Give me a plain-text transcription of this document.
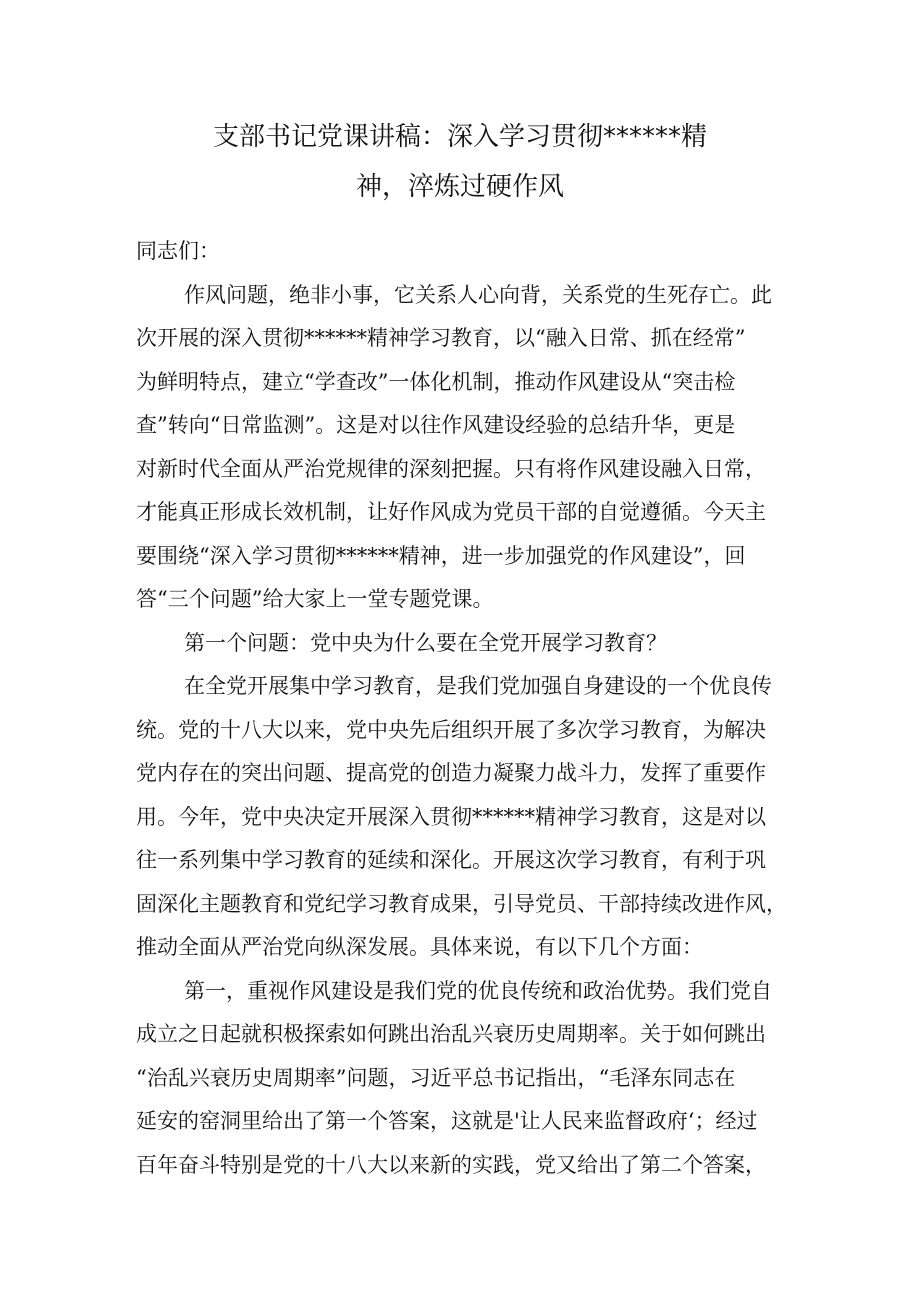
支部书记党课讲稿：深入学习贯彻******精
神，淬炼过硬作风
同志们：
作风问题，绝非小事，它关系人心向背，关系党的生死存亡。此
次开展的深入贯彻******精神学习教育，以“融入日常、抓在经常”
为鲜明特点，建立“学查改”一体化机制，推动作风建设从“突击检
查”转向“日常监测”。这是对以往作风建设经验的总结升华，更是
对新时代全面从严治党规律的深刻把握。只有将作风建设融入日常，
才能真正形成长效机制，让好作风成为党员干部的自觉遵循。今天主
要围绕“深入学习贯彻******精神，进一步加强党的作风建设”，回
答“三个问题”给大家上一堂专题党课。
第一个问题：党中央为什么要在全党开展学习教育？
在全党开展集中学习教育，是我们党加强自身建设的一个优良传
统。党的十八大以来，党中央先后组织开展了多次学习教育，为解决
党内存在的突出问题、提高党的创造力凝聚力战斗力，发挥了重要作
用。今年，党中央决定开展深入贯彻******精神学习教育，这是对以
往一系列集中学习教育的延续和深化。开展这次学习教育，有利于巩
固深化主题教育和党纪学习教育成果，引导党员、干部持续改进作风，
推动全面从严治党向纵深发展。具体来说，有以下几个方面：
第一，重视作风建设是我们党的优良传统和政治优势。我们党自
成立之日起就积极探索如何跳出治乱兴衰历史周期率。关于如何跳出
“治乱兴衰历史周期率”问题，习近平总书记指出，“毛泽东同志在
延安的窑洞里给出了第一个答案，这就是'让人民来监督政府‘；经过
百年奋斗特别是党的十八大以来新的实践，党又给出了第二个答案，
